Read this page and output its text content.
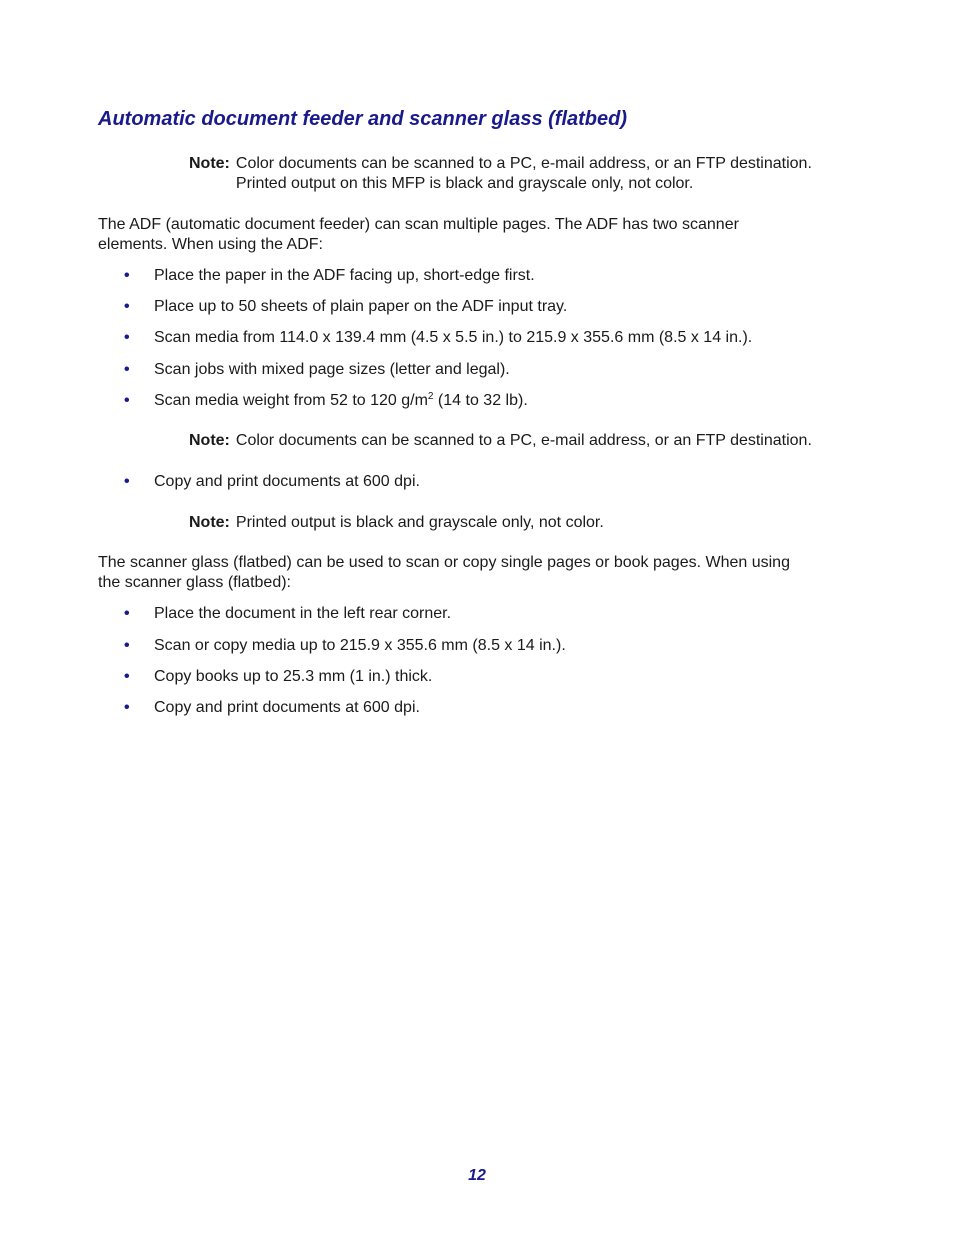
Automatic document feeder and scanner glass (flatbed)
Note: Color documents can be scanned to a PC, e-mail address, or an FTP destination.
Printed output on this MFP is black and grayscale only, not color.

The ADF (automatic document feeder) can scan multiple pages. The ADF has two scanner
elements. When using the ADF:

•	Place the paper in the ADF facing up, short-edge first.
•	Place up to 50 sheets of plain paper on the ADF input tray.
•	Scan media from 114.0 x 139.4 mm (4.5 x 5.5 in.) to 215.9 x 355.6 mm (8.5 x 14 in.).
•	Scan jobs with mixed page sizes (letter and legal).
•	Scan media weight from 52 to 120 $g/m^2$ (14 to 32 lb).
Note: Color documents can be scanned to a PC, e-mail address, or an FTP destination.
•	Copy and print documents at 600 dpi.
Note: Printed output is black and grayscale only, not color.

The scanner glass (flatbed) can be used to scan or copy single pages or book pages. When using
the scanner glass (flatbed):

•	Place the document in the left rear corner.
•	Scan or copy media up to 215.9 x 355.6 mm (8.5 x 14 in.).
•	Copy books up to 25.3 mm (1 in.) thick.
•	Copy and print documents at 600 dpi.
12
